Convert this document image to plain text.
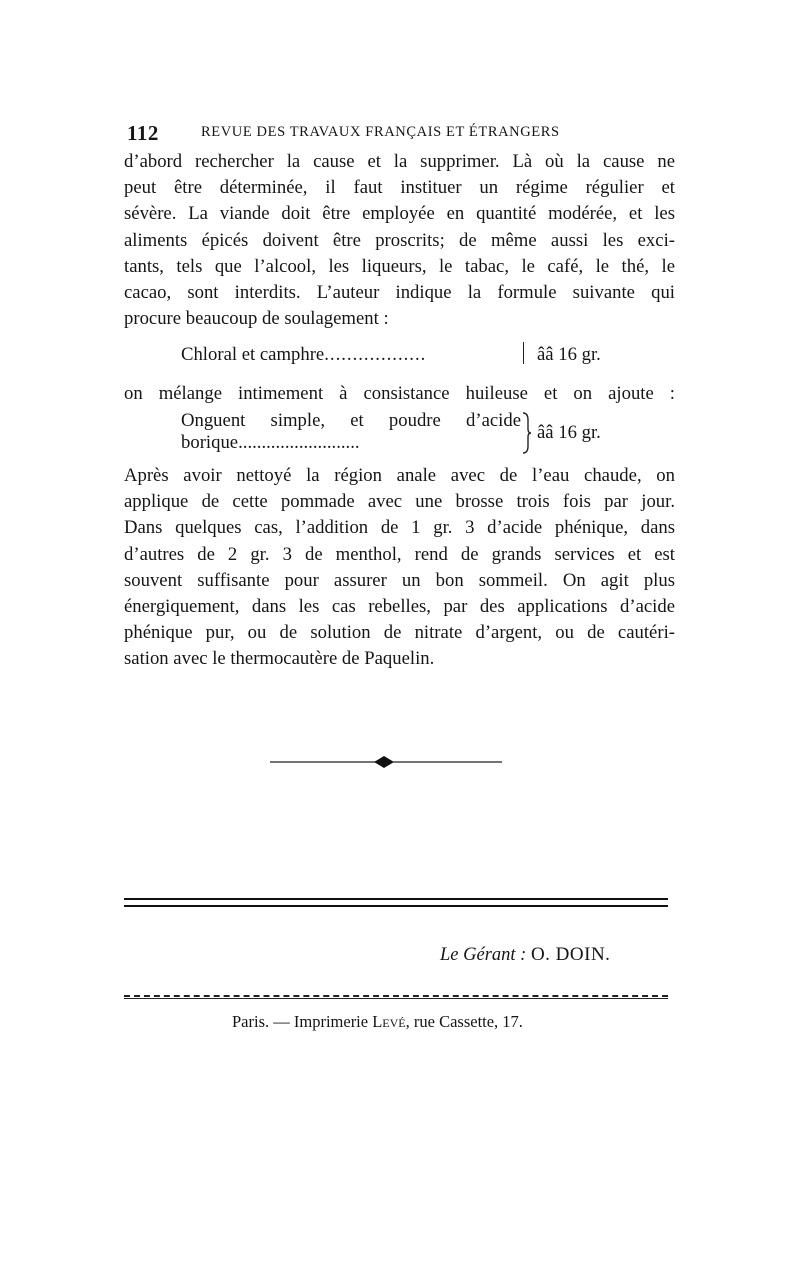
112	REVUE DES TRAVAUX FRANÇAIS ET ÉTRANGERS
d’abord rechercher la cause et la supprimer. Là où la cause ne
peut être déterminée, il faut instituer un régime régulier et
sévère. La viande doit être employée en quantité modérée, et les
aliments épicés doivent être proscrits; de même aussi les exci-
tants, tels que l’alcool, les liqueurs, le tabac, le café, le thé, le
cacao, sont interdits. L’auteur indique la formule suivante qui
procure beaucoup de soulagement :
Chloral et camphre..................	ââ 16 gr.
on mélange intimement à consistance huileuse et on ajoute :
Onguent simple, et poudre d’acide
borique..........................	ââ 16 gr.
Après avoir nettoyé la région anale avec de l’eau chaude, on
applique de cette pommade avec une brosse trois fois par jour.
Dans quelques cas, l’addition de 1 gr. 3 d’acide phénique, dans
d’autres de 2 gr. 3 de menthol, rend de grands services et est
souvent suffisante pour assurer un bon sommeil. On agit plus
énergiquement, dans les cas rebelles, par des applications d’acide
phénique pur, ou de solution de nitrate d’argent, ou de cautéri-
sation avec le thermocautère de Paquelin.
Le Gérant : O. DOIN.
Paris. — Imprimerie Levé, rue Cassette, 17.
